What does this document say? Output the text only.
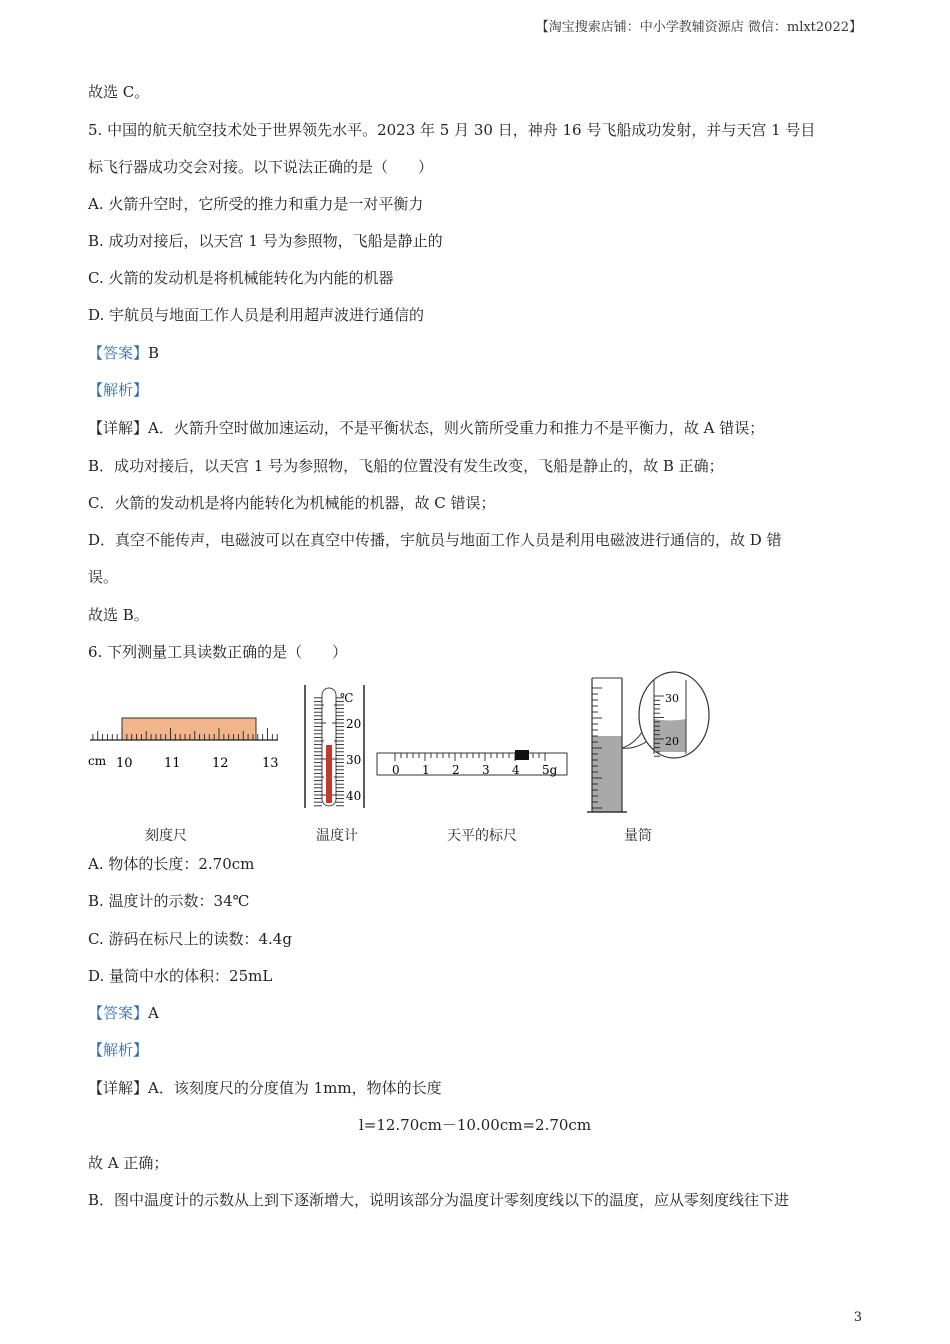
【淘宝搜索店铺：中小学教辅资源店 微信：mlxt2022】
故选 C。
5. 中国的航天航空技术处于世界领先水平。2023 年 5 月 30 日，神舟 16 号飞船成功发射，并与天宫 1 号目
标飞行器成功交会对接。以下说法正确的是（　　）
A. 火箭升空时，它所受的推力和重力是一对平衡力
B. 成功对接后，以天宫 1 号为参照物，飞船是静止的
C. 火箭的发动机是将机械能转化为内能的机器
D. 宇航员与地面工作人员是利用超声波进行通信的
【答案】B
【解析】
【详解】A．火箭升空时做加速运动，不是平衡状态，则火箭所受重力和推力不是平衡力，故 A 错误；
B．成功对接后，以天宫 1 号为参照物，飞船的位置没有发生改变，飞船是静止的，故 B 正确；
C．火箭的发动机是将内能转化为机械能的机器，故 C 错误；
D．真空不能传声，电磁波可以在真空中传播，宇航员与地面工作人员是利用电磁波进行通信的，故 D 错
误。
故选 B。
6. 下列测量工具读数正确的是（　　）
cm 10 11 12	13
℃
20
30
40
0 1 2 3 4 5g
30
20
刻度尺	温度计	天平的标尺	量筒
A. 物体的长度：2.70cm
B. 温度计的示数：34℃
C. 游码在标尺上的读数：4.4g
D. 量筒中水的体积：25mL
【答案】A
【解析】
【详解】A．该刻度尺的分度值为 1mm，物体的长度
l=12.70cm－10.00cm=2.70cm
故 A 正确；
B．图中温度计的示数从上到下逐渐增大，说明该部分为温度计零刻度线以下的温度，应从零刻度线往下进
3
